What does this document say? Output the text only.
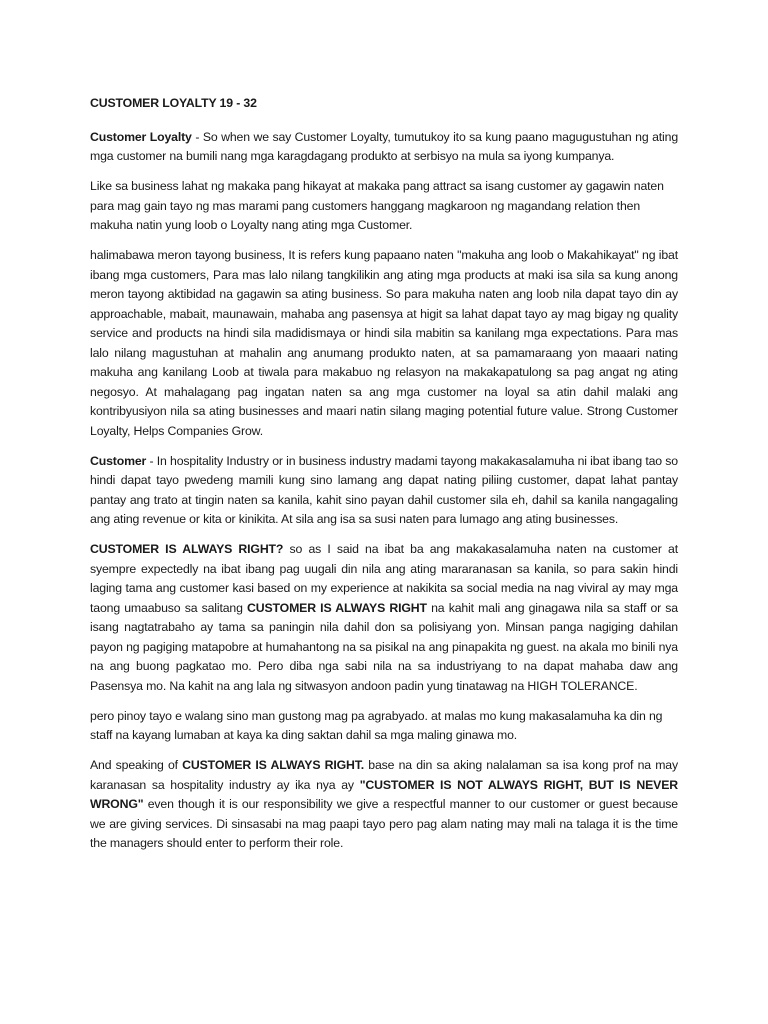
CUSTOMER LOYALTY 19 - 32

Customer Loyalty - So when we say Customer Loyalty, tumutukoy ito sa kung paano magugustuhan ng ating mga customer na bumili nang mga karagdagang produkto at serbisyo na mula sa iyong kumpanya.

Like sa business lahat ng makaka pang hikayat at makaka pang attract sa isang customer ay gagawin naten para mag gain tayo ng mas marami pang customers hanggang magkaroon ng magandang relation then makuha natin yung loob o Loyalty nang ating mga Customer.

halimabawa meron tayong business, It is refers kung papaano naten "makuha ang loob o Makahikayat" ng ibat ibang mga customers, Para mas lalo nilang tangkilikin ang ating mga products at maki isa sila sa kung anong meron tayong aktibidad na gagawin sa ating business. So para makuha naten ang loob nila dapat tayo din ay approachable, mabait, maunawain, mahaba ang pasensya at higit sa lahat dapat tayo ay mag bigay ng quality service and products na hindi sila madidismaya or hindi sila mabitin sa kanilang mga expectations. Para mas lalo nilang magustuhan at mahalin ang anumang produkto naten, at sa pamamaraang yon maaari nating makuha ang kanilang Loob at tiwala para makabuo ng relasyon na makakapatulong sa pag angat ng ating negosyo. At mahalagang pag ingatan naten sa ang mga customer na loyal sa atin dahil malaki ang kontribyusiyon nila sa ating businesses and maari natin silang maging potential future value. Strong Customer Loyalty, Helps Companies Grow.

Customer - In hospitality Industry or in business industry madami tayong makakasalamuha ni ibat ibang tao so hindi dapat tayo pwedeng mamili kung sino lamang ang dapat nating piliing customer, dapat lahat pantay pantay ang trato at tingin naten sa kanila, kahit sino payan dahil customer sila eh, dahil sa kanila nangagaling ang ating revenue or kita or kinikita. At sila ang isa sa susi naten para lumago ang ating businesses.

CUSTOMER IS ALWAYS RIGHT? so as I said na ibat ba ang makakasalamuha naten na customer at syempre expectedly na ibat ibang pag uugali din nila ang ating mararanasan sa kanila, so para sakin hindi laging tama ang customer kasi based on my experience at nakikita sa social media na nag viviral ay may mga taong umaabuso sa salitang CUSTOMER IS ALWAYS RIGHT na kahit mali ang ginagawa nila sa staff or sa isang nagtatrabaho ay tama sa paningin nila dahil don sa polisiyang yon. Minsan panga nagiging dahilan payon ng pagiging matapobre at humahantong na sa pisikal na ang pinapakita ng guest. na akala mo binili nya na ang buong pagkatao mo. Pero diba nga sabi nila na sa industriyang to na dapat mahaba daw ang Pasensya mo. Na kahit na ang lala ng sitwasyon andoon padin yung tinatawag na HIGH TOLERANCE.

pero pinoy tayo e walang sino man gustong mag pa agrabyado. at malas mo kung makasalamuha ka din ng staff na kayang lumaban at kaya ka ding saktan dahil sa mga maling ginawa mo.

And speaking of CUSTOMER IS ALWAYS RIGHT. base na din sa aking nalalaman sa isa kong prof na may karanasan sa hospitality industry ay ika nya ay "CUSTOMER IS NOT ALWAYS RIGHT, BUT IS NEVER WRONG" even though it is our responsibility we give a respectful manner to our customer or guest because we are giving services. Di sinsasabi na mag paapi tayo pero pag alam nating may mali na talaga it is the time the managers should enter to perform their role.
